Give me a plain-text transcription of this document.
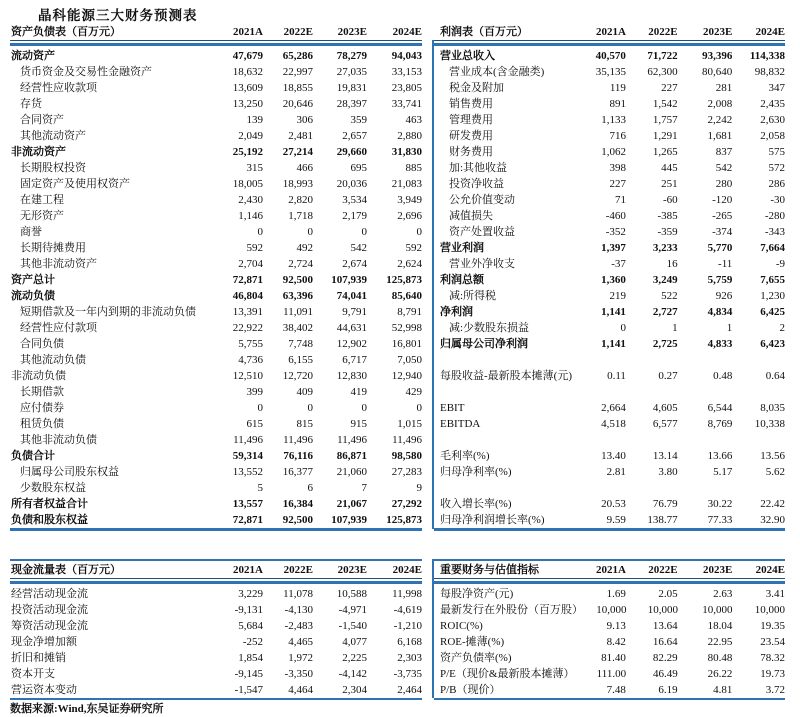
晶科能源三大财务预测表
资产负债表（百万元）	2021A	2022E	2023E	2024E
流动资产	47,679	65,286	78,279	94,043
货币资金及交易性金融资产	18,632	22,997	27,035	33,153
经营性应收款项	13,609	18,855	19,831	23,805
存货	13,250	20,646	28,397	33,741
合同资产	139	306	359	463
其他流动资产	2,049	2,481	2,657	2,880
非流动资产	25,192	27,214	29,660	31,830
长期股权投资	315	466	695	885
固定资产及使用权资产	18,005	18,993	20,036	21,083
在建工程	2,430	2,820	3,534	3,949
无形资产	1,146	1,718	2,179	2,696
商誉	0	0	0	0
长期待摊费用	592	492	542	592
其他非流动资产	2,704	2,724	2,674	2,624
资产总计	72,871	92,500	107,939	125,873
流动负债	46,804	63,396	74,041	85,640
短期借款及一年内到期的非流动负债	13,391	11,091	9,791	8,791
经营性应付款项	22,922	38,402	44,631	52,998
合同负债	5,755	7,748	12,902	16,801
其他流动负债	4,736	6,155	6,717	7,050
非流动负债	12,510	12,720	12,830	12,940
长期借款	399	409	419	429
应付债券	0	0	0	0
租赁负债	615	815	915	1,015
其他非流动负债	11,496	11,496	11,496	11,496
负债合计	59,314	76,116	86,871	98,580
归属母公司股东权益	13,552	16,377	21,060	27,283
少数股东权益	5	6	7	9
所有者权益合计	13,557	16,384	21,067	27,292
负债和股东权益	72,871	92,500	107,939	125,873
利润表（百万元）	2021A	2022E	2023E	2024E
营业总收入	40,570	71,722	93,396	114,338
营业成本(含金融类)	35,135	62,300	80,640	98,832
税金及附加	119	227	281	347
销售费用	891	1,542	2,008	2,435
管理费用	1,133	1,757	2,242	2,630
研发费用	716	1,291	1,681	2,058
财务费用	1,062	1,265	837	575
加:其他收益	398	445	542	572
投资净收益	227	251	280	286
公允价值变动	71	-60	-120	-30
减值损失	-460	-385	-265	-280
资产处置收益	-352	-359	-374	-343
营业利润	1,397	3,233	5,770	7,664
营业外净收支	-37	16	-11	-9
利润总额	1,360	3,249	5,759	7,655
减:所得税	219	522	926	1,230
净利润	1,141	2,727	4,834	6,425
减:少数股东损益	0	1	1	2
归属母公司净利润	1,141	2,725	4,833	6,423

每股收益-最新股本摊薄(元)	0.11	0.27	0.48	0.64

EBIT	2,664	4,605	6,544	8,035
EBITDA	4,518	6,577	8,769	10,338

毛利率(%)	13.40	13.14	13.66	13.56
归母净利率(%)	2.81	3.80	5.17	5.62

收入增长率(%)	20.53	76.79	30.22	22.42
归母净利润增长率(%)	9.59	138.77	77.33	32.90
现金流量表（百万元）	2021A	2022E	2023E	2024E
经营活动现金流	3,229	11,078	10,588	11,998
投资活动现金流	-9,131	-4,130	-4,971	-4,619
筹资活动现金流	5,684	-2,483	-1,540	-1,210
现金净增加额	-252	4,465	4,077	6,168
折旧和摊销	1,854	1,972	2,225	2,303
资本开支	-9,145	-3,350	-4,142	-3,735
营运资本变动	-1,547	4,464	2,304	2,464
重要财务与估值指标	2021A	2022E	2023E	2024E
每股净资产(元)	1.69	2.05	2.63	3.41
最新发行在外股份（百万股）	10,000	10,000	10,000	10,000
ROIC(%)	9.13	13.64	18.04	19.35
ROE-摊薄(%)	8.42	16.64	22.95	23.54
资产负债率(%)	81.40	82.29	80.48	78.32
P/E（现价&最新股本摊薄）	111.00	46.49	26.22	19.73
P/B（现价）	7.48	6.19	4.81	3.72
数据来源:Wind,东吴证券研究所
